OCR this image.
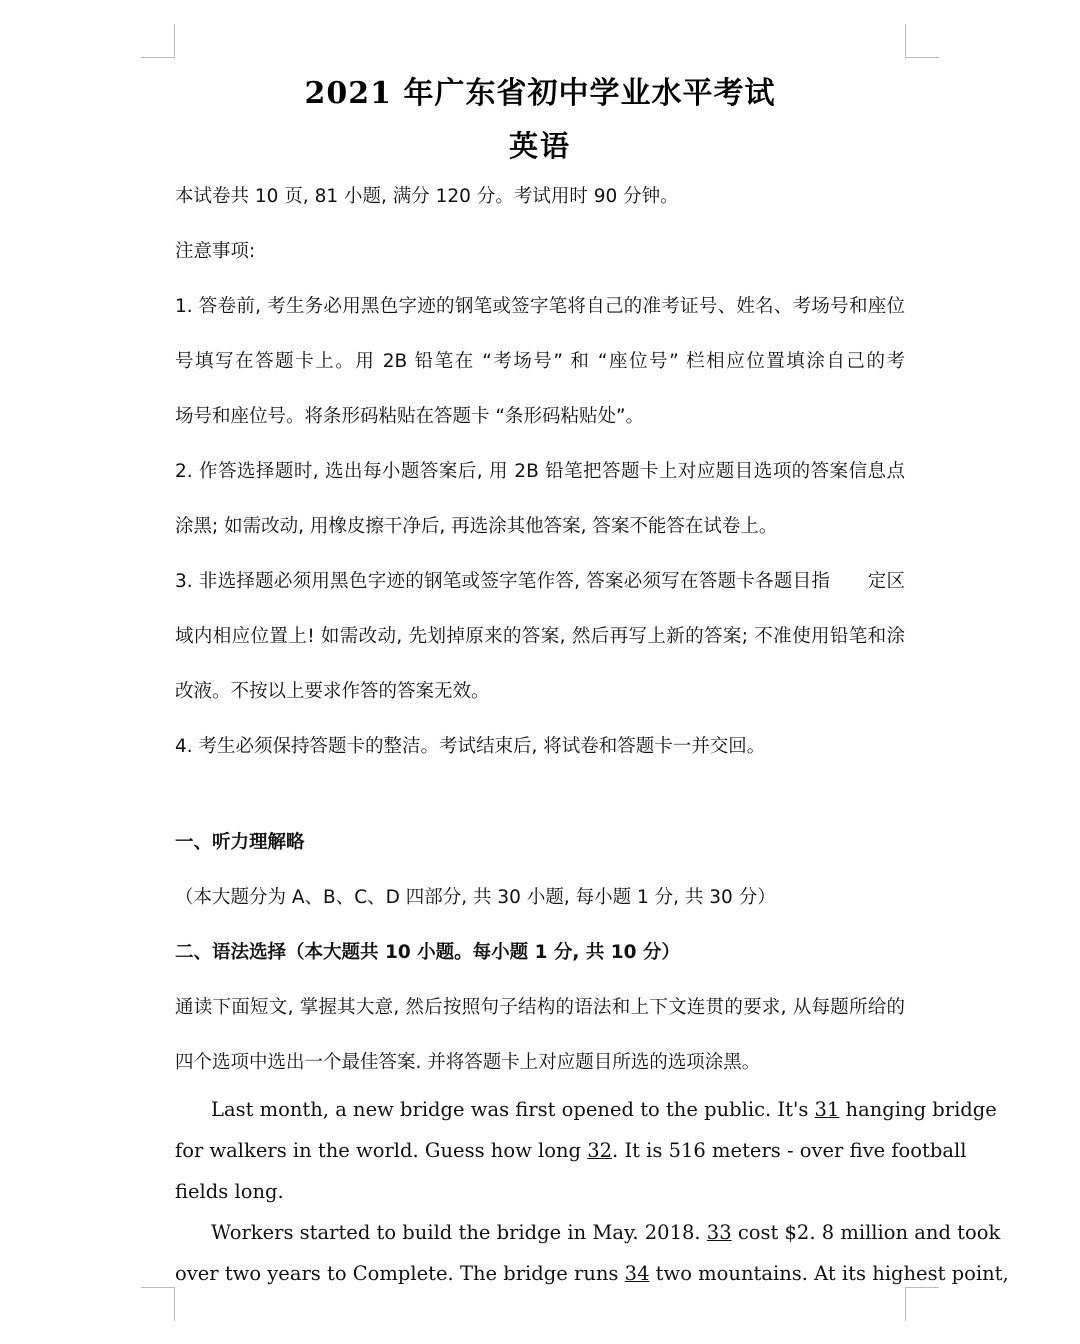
2021 年广东省初中学业水平考试
英语
本试卷共 10 页, 81 小题, 满分 120 分。考试用时 90 分钟。
注意事项:
1. 答卷前, 考生务必用黑色字迹的钢笔或签字笔将自己的准考证号、姓名、考场号和座位
号填写在答题卡上。用 2B 铅笔在 “考场号” 和 “座位号” 栏相应位置填涂自己的考
场号和座位号。将条形码粘贴在答题卡 “条形码粘贴处”。
2. 作答选择题时, 选出每小题答案后, 用 2B 铅笔把答题卡上对应题目选项的答案信息点
涂黑; 如需改动, 用橡皮擦干净后, 再选涂其他答案, 答案不能答在试卷上。
3. 非选择题必须用黑色字迹的钢笔或签字笔作答, 答案必须写在答题卡各题目指　　定区
域内相应位置上! 如需改动, 先划掉原来的答案, 然后再写上新的答案; 不准使用铅笔和涂
改液。不按以上要求作答的答案无效。
4. 考生必须保持答题卡的整洁。考试结束后, 将试卷和答题卡一并交回。
一、听力理解略
（本大题分为 A、B、C、D 四部分, 共 30 小题, 每小题 1 分, 共 30 分）
二、语法选择（本大题共 10 小题。每小题 1 分, 共 10 分）
通读下面短文, 掌握其大意, 然后按照句子结构的语法和上下文连贯的要求, 从每题所给的
四个选项中选出一个最佳答案. 并将答题卡上对应题目所选的选项涂黑。
Last month, a new bridge was first opened to the public. It's 31 hanging bridge
for walkers in the world. Guess how long 32. It is 516 meters - over five football
fields long.
Workers started to build the bridge in May. 2018. 33 cost $2. 8 million and took
over two years to Complete. The bridge runs 34 two mountains. At its highest point,
